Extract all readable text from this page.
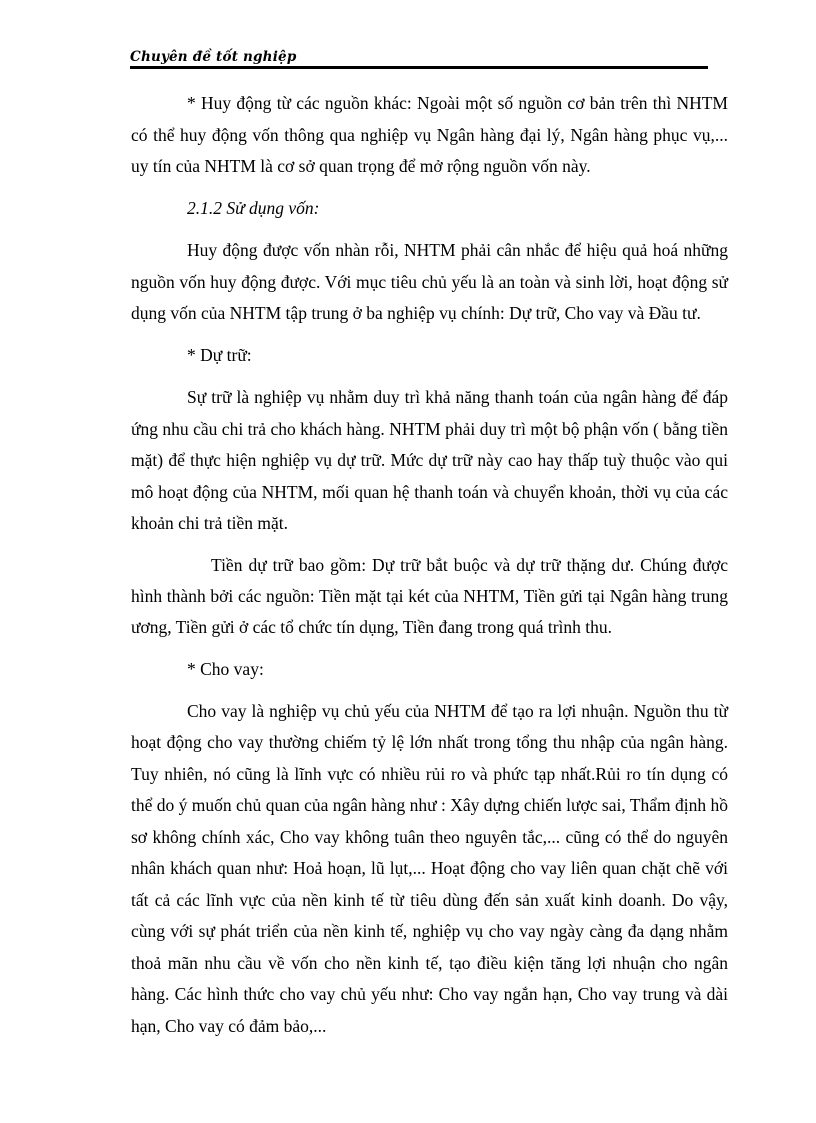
Chuyên đề tốt nghiệp

* Huy động từ các nguồn khác: Ngoài một số nguồn cơ bản trên thì NHTM có thể huy động vốn thông qua nghiệp vụ Ngân hàng đại lý, Ngân hàng phục vụ,... uy tín của NHTM là cơ sở quan trọng để mở rộng nguồn vốn này.

2.1.2 Sử dụng vốn:

Huy động được vốn nhàn rỗi, NHTM phải cân nhắc để hiệu quả hoá những nguồn vốn huy động được. Với mục tiêu chủ yếu là an toàn và sinh lời, hoạt động sử dụng vốn của NHTM tập trung ở ba nghiệp vụ chính: Dự trữ, Cho vay và Đầu tư.

* Dự trữ:

Sự trữ là nghiệp vụ nhằm duy trì khả năng thanh toán của ngân hàng để đáp ứng nhu cầu chi trả cho khách hàng. NHTM phải duy trì một bộ phận vốn ( bằng tiền mặt) để thực hiện nghiệp vụ dự trữ. Mức dự trữ này cao hay thấp tuỳ thuộc vào qui mô hoạt động của NHTM, mối quan hệ thanh toán và chuyển khoản, thời vụ của các khoản chi trả tiền mặt.

Tiền dự trữ bao gồm: Dự trữ bắt buộc và dự trữ thặng dư. Chúng được hình thành bởi các nguồn: Tiền mặt tại két của NHTM, Tiền gửi tại Ngân hàng trung ương, Tiền gửi ở các tổ chức tín dụng, Tiền đang trong quá trình thu.

* Cho vay:

Cho vay là nghiệp vụ chủ yếu của NHTM để tạo ra lợi nhuận. Nguồn thu từ hoạt động cho vay thường chiếm tỷ lệ lớn nhất trong tổng thu nhập của ngân hàng. Tuy nhiên, nó cũng là lĩnh vực có nhiều rủi ro và phức tạp nhất.Rủi ro tín dụng có thể do ý muốn chủ quan của ngân hàng như : Xây dựng chiến lược sai, Thẩm định hồ sơ không chính xác, Cho vay không tuân theo nguyên tắc,... cũng có thể do nguyên nhân khách quan như: Hoả hoạn, lũ lụt,... Hoạt động cho vay liên quan chặt chẽ với tất cả các lĩnh vực của nền kinh tế từ tiêu dùng đến sản xuất kinh doanh. Do vậy, cùng với sự phát triển của nền kinh tế, nghiệp vụ cho vay ngày càng đa dạng nhằm thoả mãn nhu cầu về vốn cho nền kinh tế, tạo điều kiện tăng lợi nhuận cho ngân hàng. Các hình thức cho vay chủ yếu như: Cho vay ngắn hạn, Cho vay trung và dài hạn, Cho vay có đảm bảo,...
